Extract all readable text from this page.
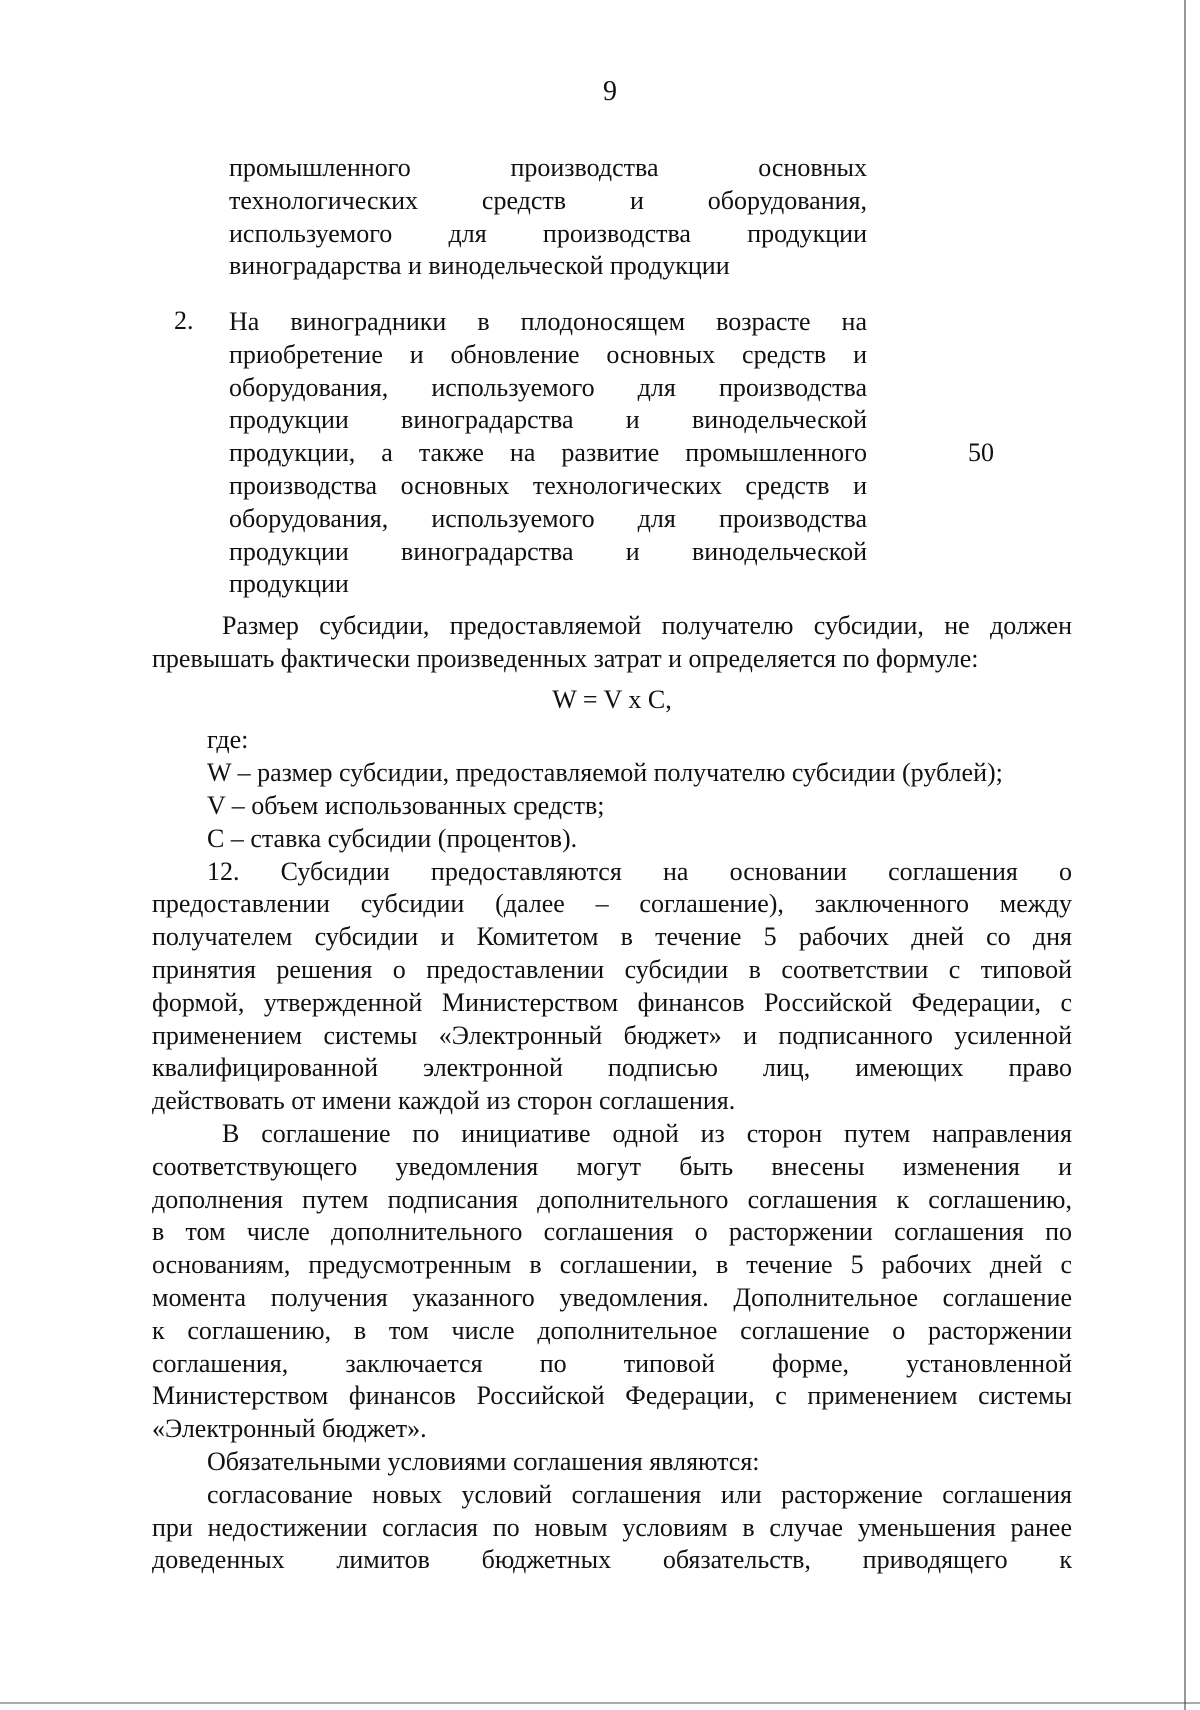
9
промышленного производства основных
технологических средств и оборудования,
используемого для производства продукции
виноградарства и винодельческой продукции
2. На виноградники в плодоносящем возрасте на
приобретение и обновление основных средств и
оборудования, используемого для производства
продукции виноградарства и винодельческой
продукции, а также на развитие промышленного
производства основных технологических средств и
оборудования, используемого для производства
продукции виноградарства и винодельческой
продукции
50
Размер субсидии, предоставляемой получателю субсидии, не должен
превышать фактически произведенных затрат и определяется по формуле:
W = V x C,
где:
W – размер субсидии, предоставляемой получателю субсидии (рублей);
V – объем использованных средств;
C – ставка субсидии (процентов).
12. Субсидии предоставляются на основании соглашения о
предоставлении субсидии (далее – соглашение), заключенного между
получателем субсидии и Комитетом в течение 5 рабочих дней со дня
принятия решения о предоставлении субсидии в соответствии с типовой
формой, утвержденной Министерством финансов Российской Федерации, с
применением системы «Электронный бюджет» и подписанного усиленной
квалифицированной электронной подписью лиц, имеющих право
действовать от имени каждой из сторон соглашения.
В соглашение по инициативе одной из сторон путем направления
соответствующего уведомления могут быть внесены изменения и
дополнения путем подписания дополнительного соглашения к соглашению,
в том числе дополнительного соглашения о расторжении соглашения по
основаниям, предусмотренным в соглашении, в течение 5 рабочих дней с
момента получения указанного уведомления. Дополнительное соглашение
к соглашению, в том числе дополнительное соглашение о расторжении
соглашения, заключается по типовой форме, установленной
Министерством финансов Российской Федерации, с применением системы
«Электронный бюджет».
Обязательными условиями соглашения являются:
согласование новых условий соглашения или расторжение соглашения
при недостижении согласия по новым условиям в случае уменьшения ранее
доведенных лимитов бюджетных обязательств, приводящего к
